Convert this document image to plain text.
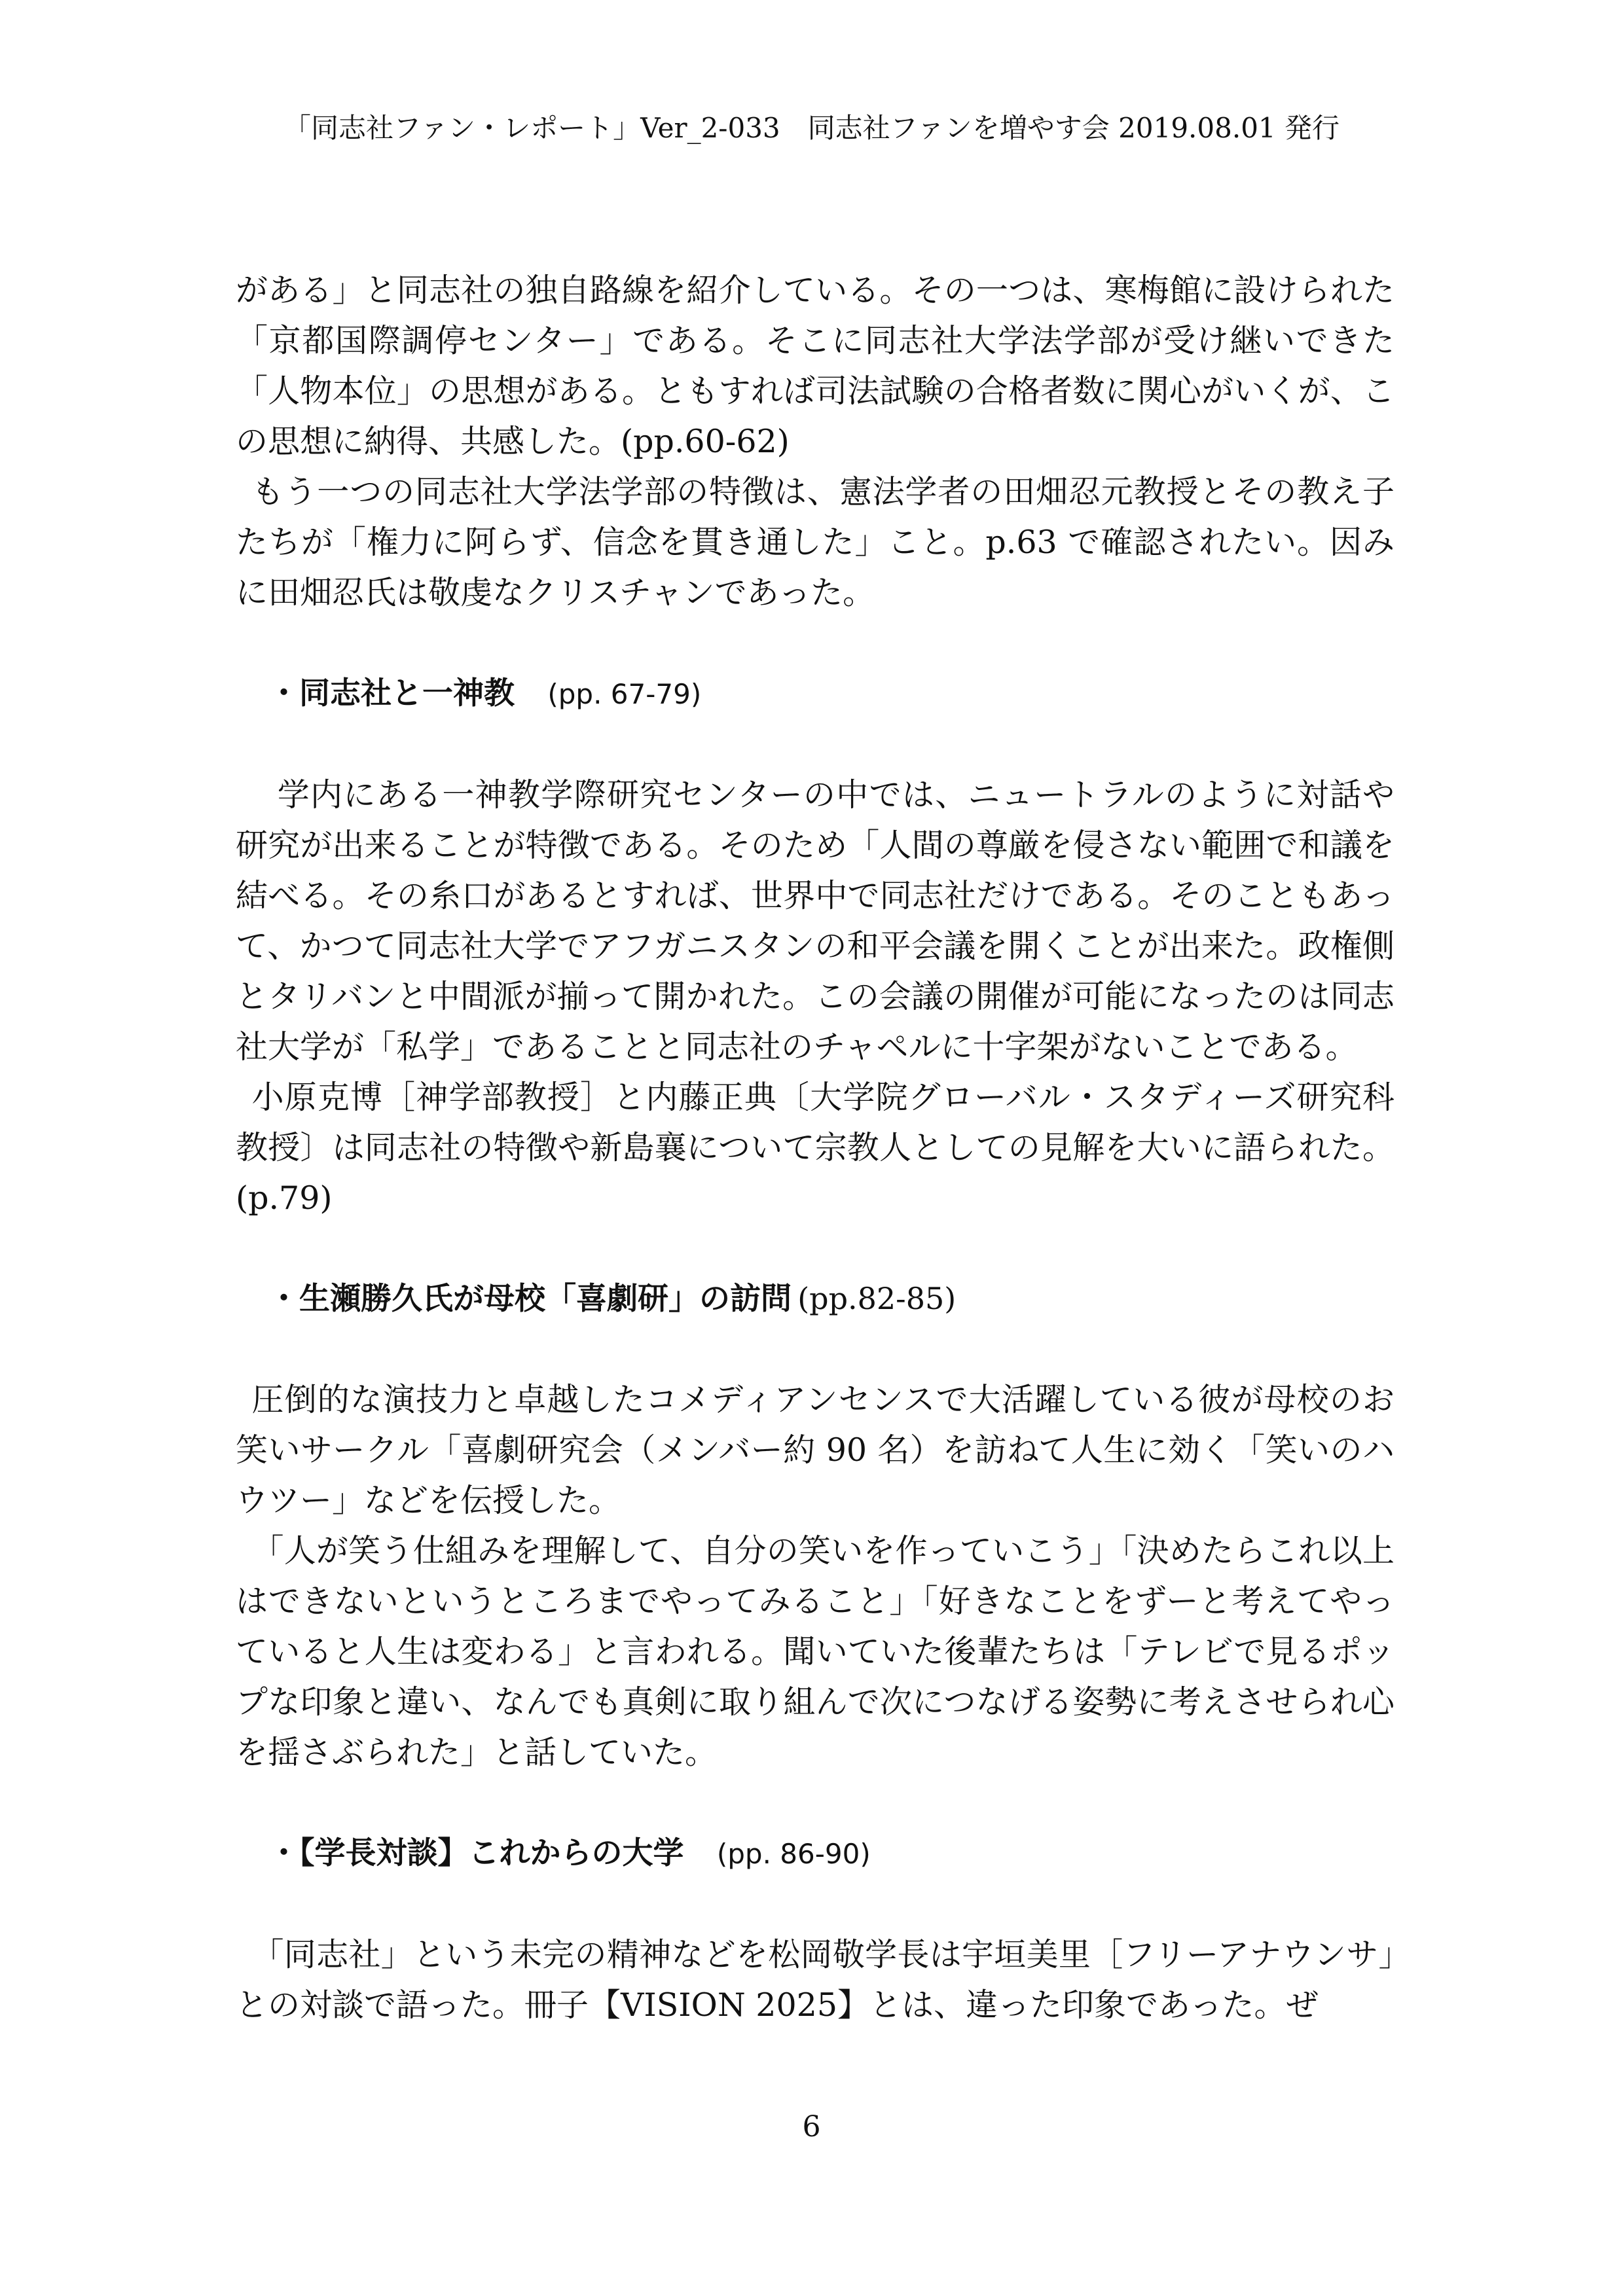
「同志社ファン・レポート」Ver_2-033　同志社ファンを増やす会 2019.08.01 発行

がある」と同志社の独自路線を紹介している。その一つは、寒梅館に設けられた「京都国際調停センター」である。そこに同志社大学法学部が受け継いできた「人物本位」の思想がある。ともすれば司法試験の合格者数に関心がいくが、この思想に納得、共感した。(pp.60-62)

もう一つの同志社大学法学部の特徴は、憲法学者の田畑忍元教授とその教え子たちが「権力に阿らず、信念を貫き通した」こと。p.63 で確認されたい。因みに田畑忍氏は敬虔なクリスチャンであった。

・同志社と一神教 (pp. 67-79)

学内にある一神教学際研究センターの中では、ニュートラルのように対話や研究が出来ることが特徴である。そのため「人間の尊厳を侵さない範囲で和議を結べる。その糸口があるとすれば、世界中で同志社だけである。そのこともあって、かつて同志社大学でアフガニスタンの和平会議を開くことが出来た。政権側とタリバンと中間派が揃って開かれた。この会議の開催が可能になったのは同志社大学が「私学」であることと同志社のチャペルに十字架がないことである。

小原克博［神学部教授］と内藤正典〔大学院グローバル・スタディーズ研究科教授〕は同志社の特徴や新島襄について宗教人としての見解を大いに語られた。(p.79)

・生瀬勝久氏が母校「喜劇研」の訪問 (pp.82-85)

圧倒的な演技力と卓越したコメディアンセンスで大活躍している彼が母校のお笑いサークル「喜劇研究会（メンバー約 90 名）を訪ねて人生に効く「笑いのハウツー」などを伝授した。

「人が笑う仕組みを理解して、自分の笑いを作っていこう」「決めたらこれ以上はできないというところまでやってみること」「好きなことをずーと考えてやっていると人生は変わる」と言われる。聞いていた後輩たちは「テレビで見るポップな印象と違い、なんでも真剣に取り組んで次につなげる姿勢に考えさせられ心を揺さぶられた」と話していた。

・【学長対談】これからの大学 (pp. 86-90)

「同志社」という未完の精神などを松岡敬学長は宇垣美里［フリーアナウンサ」との対談で語った。冊子【VISION 2025】とは、違った印象であった。ぜ

6
